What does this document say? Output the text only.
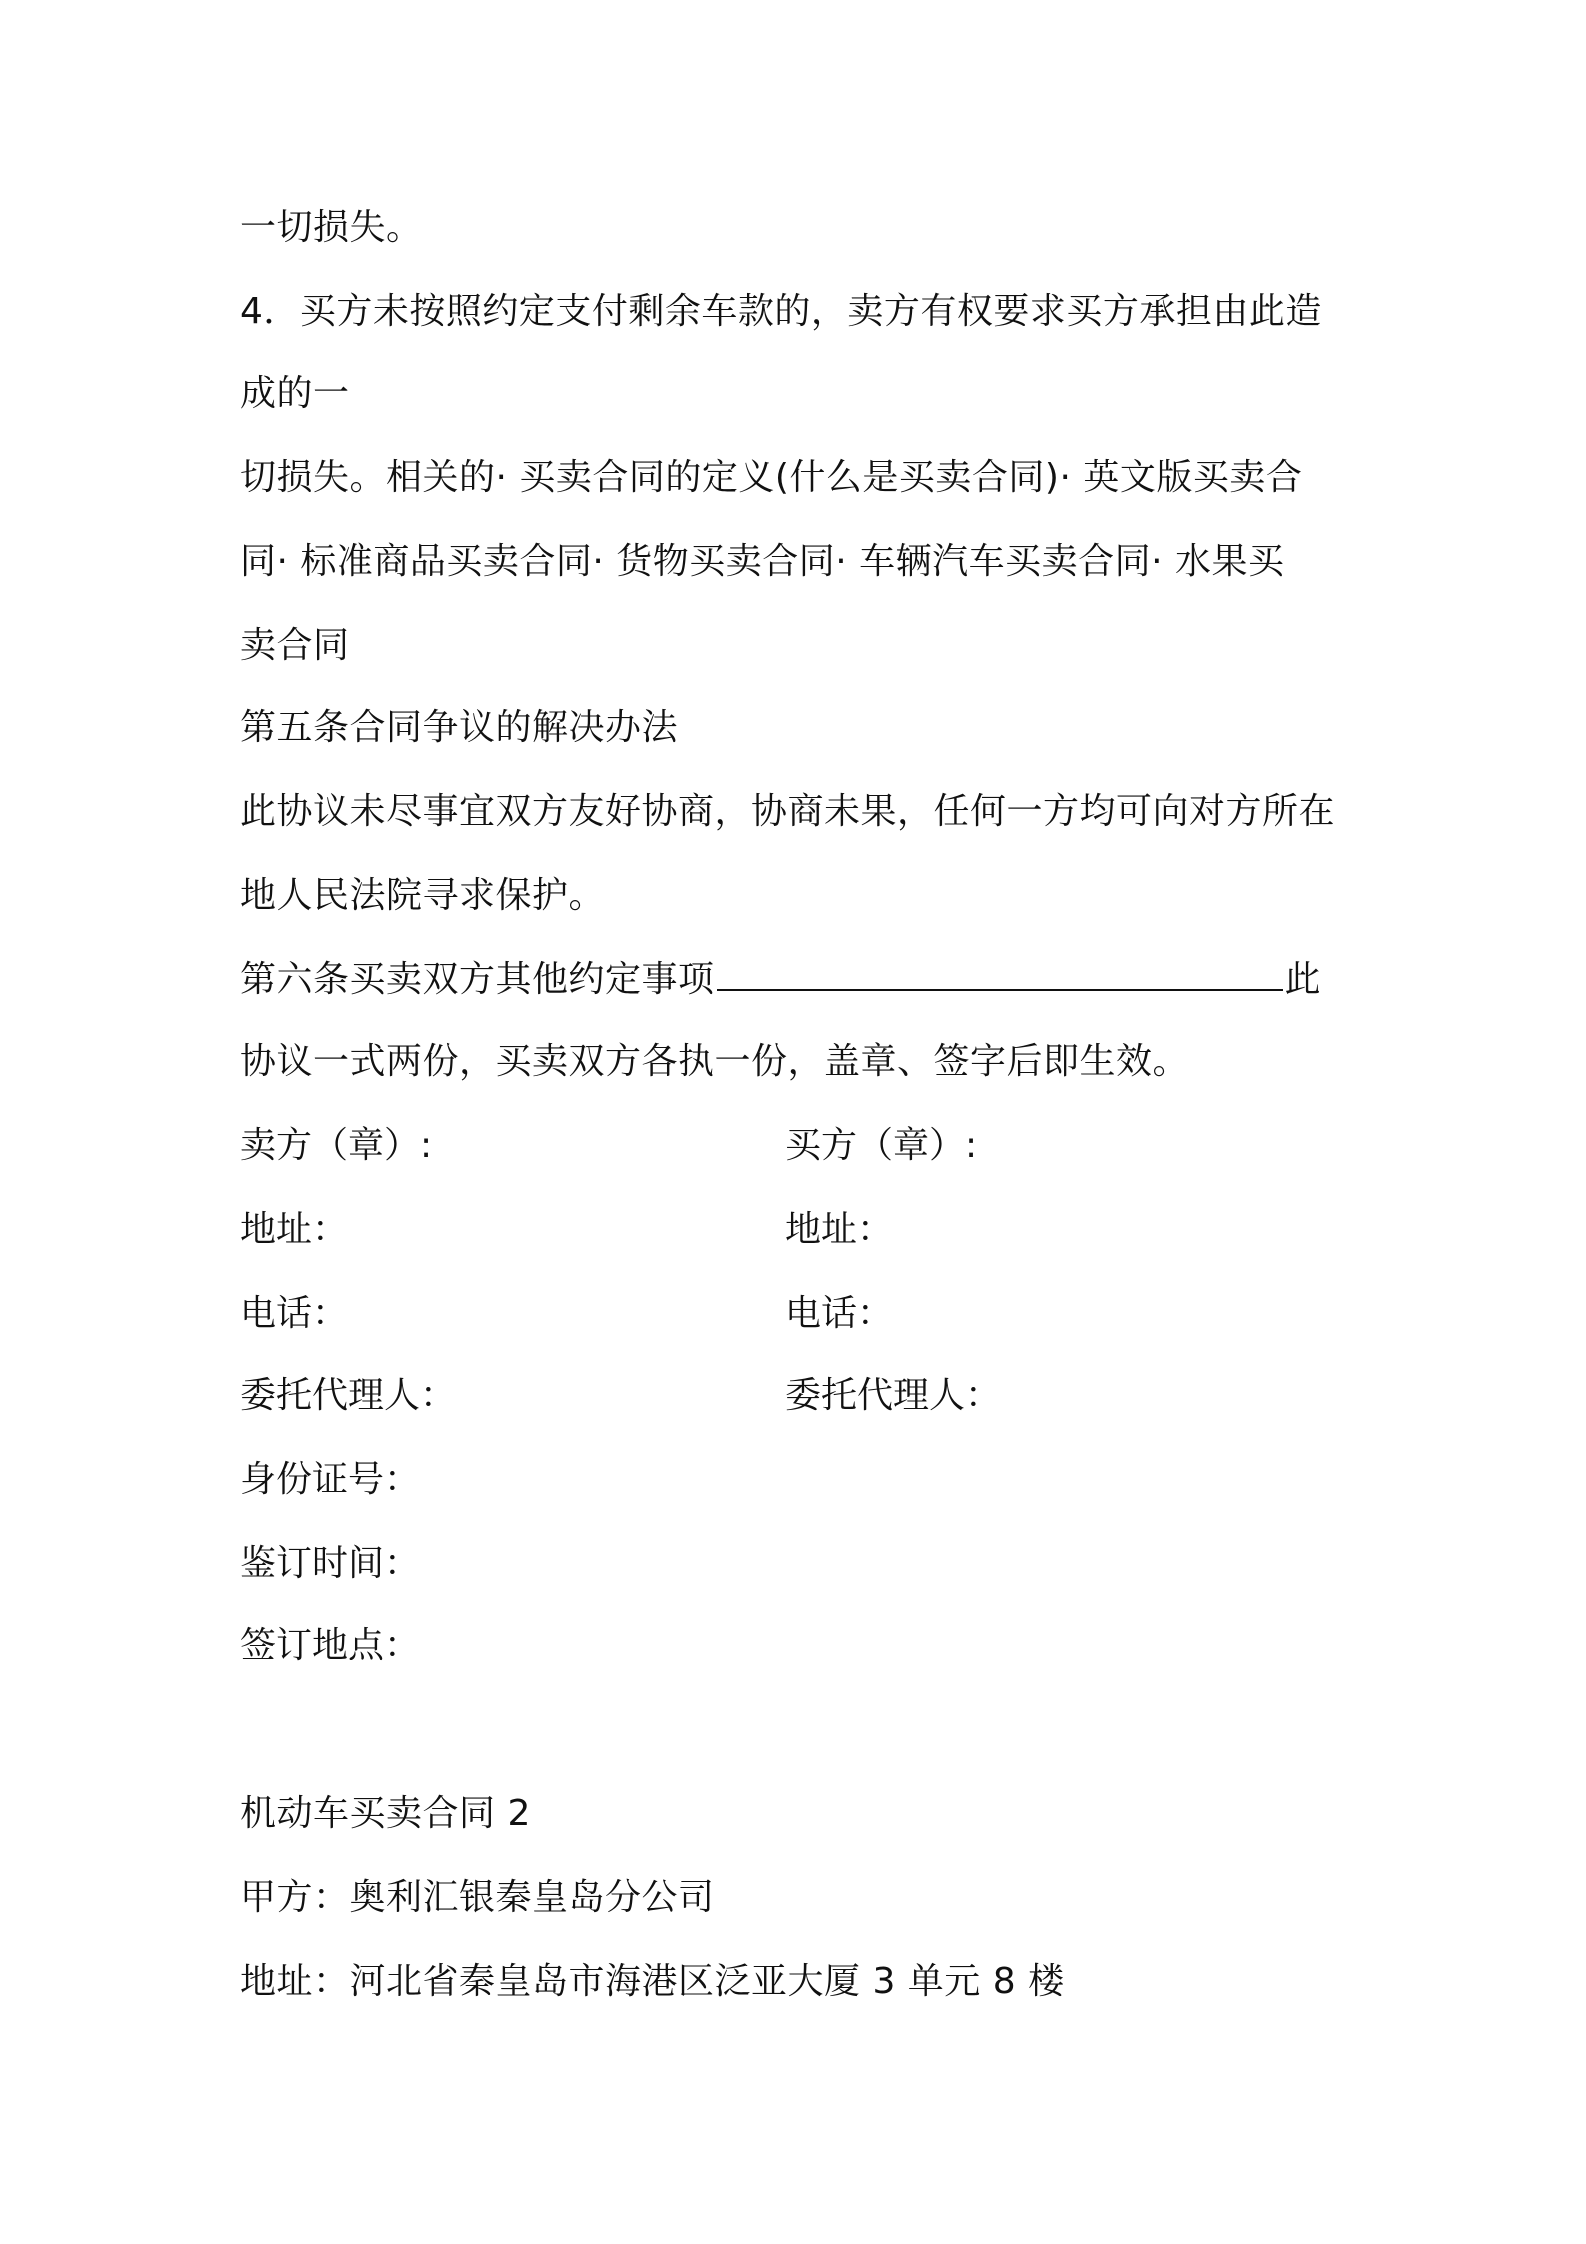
一切损失。
4．买方未按照约定支付剩余车款的，卖方有权要求买方承担由此造
成的一
切损失。相关的· 买卖合同的定义(什么是买卖合同)· 英文版买卖合
同· 标准商品买卖合同· 货物买卖合同· 车辆汽车买卖合同· 水果买
卖合同
第五条合同争议的解决办法
此协议未尽事宜双方友好协商，协商未果，任何一方均可向对方所在
地人民法院寻求保护。
第六条买卖双方其他约定事项	此
协议一式两份，买卖双方各执一份，盖章、签字后即生效。
卖方（章）:	买方（章）:
地址：	地址：
电话：	电话：
委托代理人：	委托代理人：
身份证号：
鉴订时间：
签订地点：
机动车买卖合同 2
甲方：奥利汇银秦皇岛分公司
地址：河北省秦皇岛市海港区泛亚大厦 3 单元 8 楼
